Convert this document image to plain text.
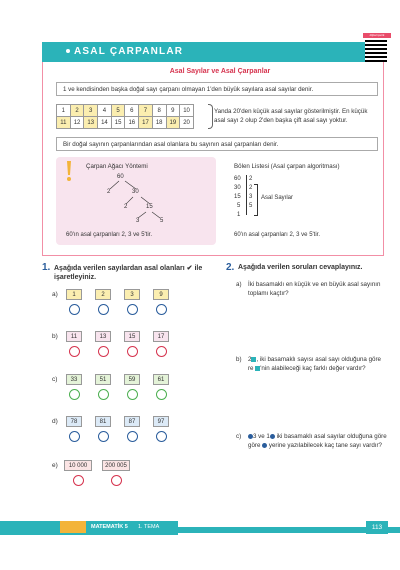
ASAL ÇARPANLAR
dijital içerik
Asal Sayılar ve Asal Çarpanlar
1 ve kendisinden başka doğal sayı çarpanı olmayan 1'den büyük sayılara asal sayılar denir.
1	2	3	4	5	6	7	8	9	10
11	12	13	14	15	16	17	18	19	20
Yanda 20'den küçük asal sayılar gösterilmiştir. En küçük asal sayı 2 olup 2'den başka çift asal sayı yoktur.
Bir doğal sayının çarpanlarından asal olanlara bu sayının asal çarpanları denir.
Çarpan Ağacı Yöntemi
60
2	30
2	15
3	5
60'ın asal çarpanları 2, 3 ve 5'tir.
Bölen Listesi (Asal çarpan algoritması)
60
30
15
5
1
2
2
3
5
Asal Sayılar
60'ın asal çarpanları 2, 3 ve 5'tir.
1. Aşağıda verilen sayılardan asal olanları ✔ ile işaretleyiniz.
a)	1	2	3	9
b)	11	13	15	17
c)	33	51	59	61
d)	78	81	87	97
e)	10 000	200 005
2. Aşağıda verilen soruları cevaplayınız.
a) İki basamaklı en küçük ve en büyük asal sayının toplamı kaçtır?
b) 2 , iki basamaklı sayısı asal sayı olduğuna göre re 'nin alabileceği kaç farklı değer vardır?
c)	3 ve 1 iki basamaklı asal sayılar olduğuna göre göre  yerine yazılabilecek kaç tane sayı vardır?
MATEMATİK 5 1. TEMA	113
